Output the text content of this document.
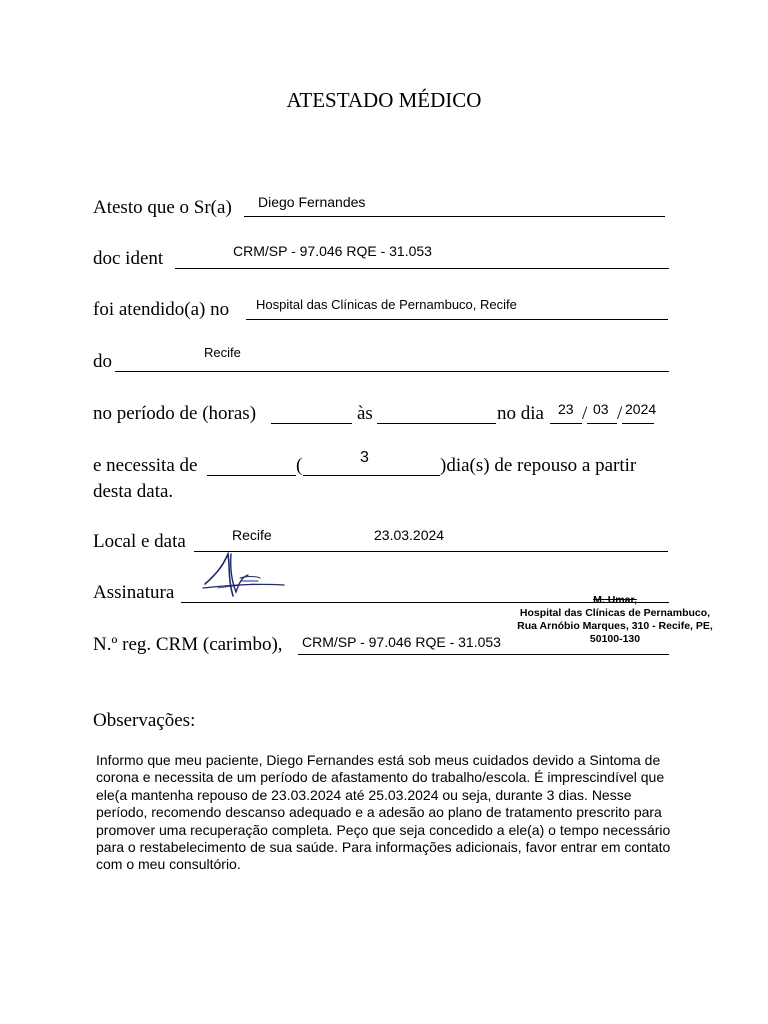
ATESTADO MÉDICO
Atesto que o Sr(a) Diego Fernandes
doc ident	CRM/SP - 97.046 RQE - 31.053
foi atendido(a) no Hospital das Clínicas de Pernambuco, Recife
do	Recife
no período de (horas)	às	no dia 23 / 03 / 2024
e necessita de	(	3	)dia(s) de repouso a partir
desta data.
Local e data	Recife	23.03.2024
Assinatura	M. Umar,
Hospital das Clínicas de Pernambuco,
Rua Arnóbio Marques, 310 - Recife, PE,
50100-130
N.º reg. CRM (carimbo), CRM/SP - 97.046 RQE - 31.053
Observações:
Informo que meu paciente, Diego Fernandes está sob meus cuidados devido a Sintoma de
corona e necessita de um período de afastamento do trabalho/escola. É imprescindível que
ele(a mantenha repouso de 23.03.2024 até 25.03.2024 ou seja, durante 3 dias. Nesse
período, recomendo descanso adequado e a adesão ao plano de tratamento prescrito para
promover uma recuperação completa. Peço que seja concedido a ele(a) o tempo necessário
para o restabelecimento de sua saúde. Para informações adicionais, favor entrar em contato
com o meu consultório.
